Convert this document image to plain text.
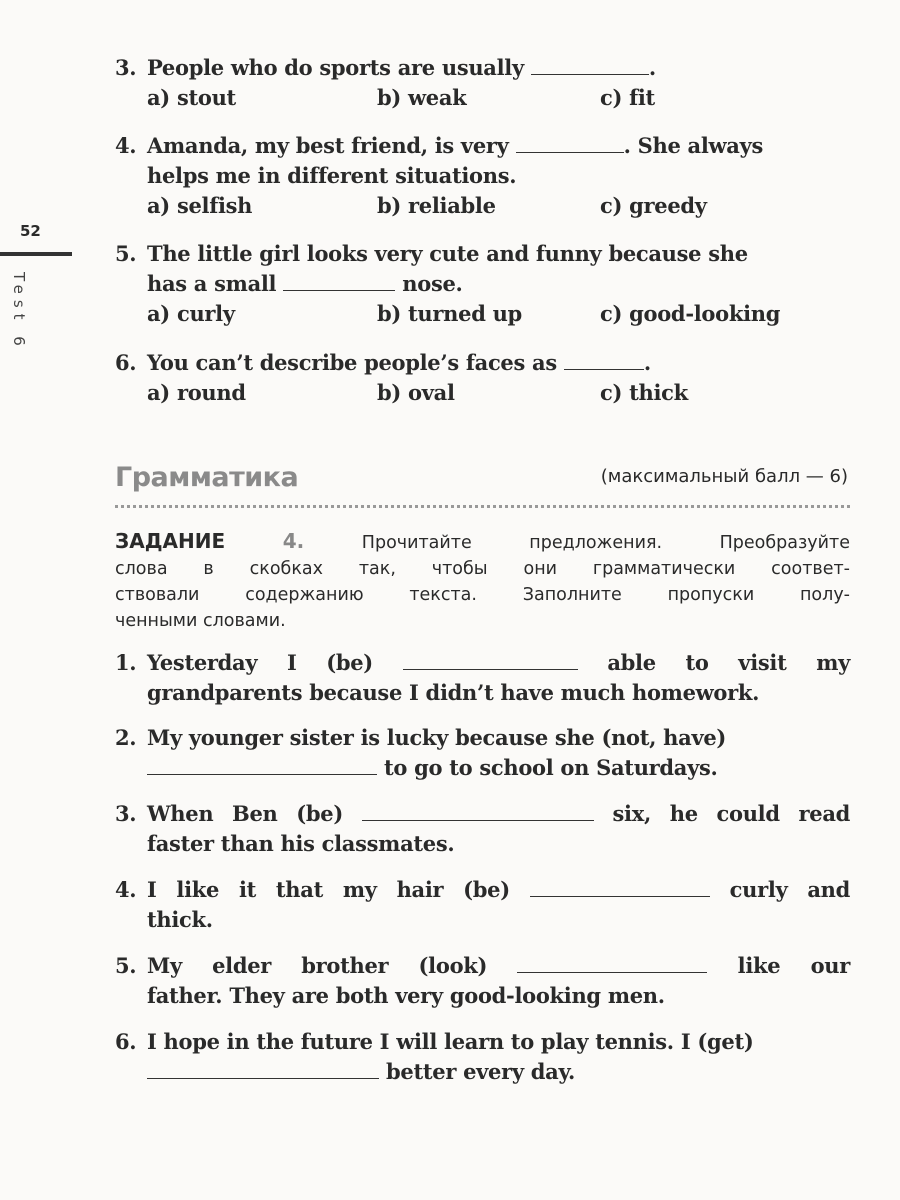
52
Test 6
3. People who do sports are usually	.
a) stout	b) weak	c) fit
4. Amanda, my best friend, is very	. She always
helps me in different situations.
a) selfish	b) reliable	c) greedy
5. The little girl looks very cute and funny because she
has a small	nose.
a) curly	b) turned up	c) good-looking
6. You can’t describe people’s faces as	.
a) round	b) oval	c) thick
Грамматика	(максимальный балл — 6)
ЗАДАНИЕ	4.	Прочитайте предложения. Преобразуйте
слова в скобках так, чтобы они грамматически соответ-
ствовали содержанию текста. Заполните пропуски полу-
ченными словами.
1. Yesterday I (be)	able to visit my
grandparents because I didn’t have much homework.
2. My younger sister is lucky because she (not, have)
to go to school on Saturdays.
3. When Ben (be)	six, he could read
faster than his classmates.
4. I like it that my hair (be)	curly and
thick.
5. My elder brother (look)	like our
father. They are both very good-looking men.
6. I hope in the future I will learn to play tennis. I (get)
better every day.
